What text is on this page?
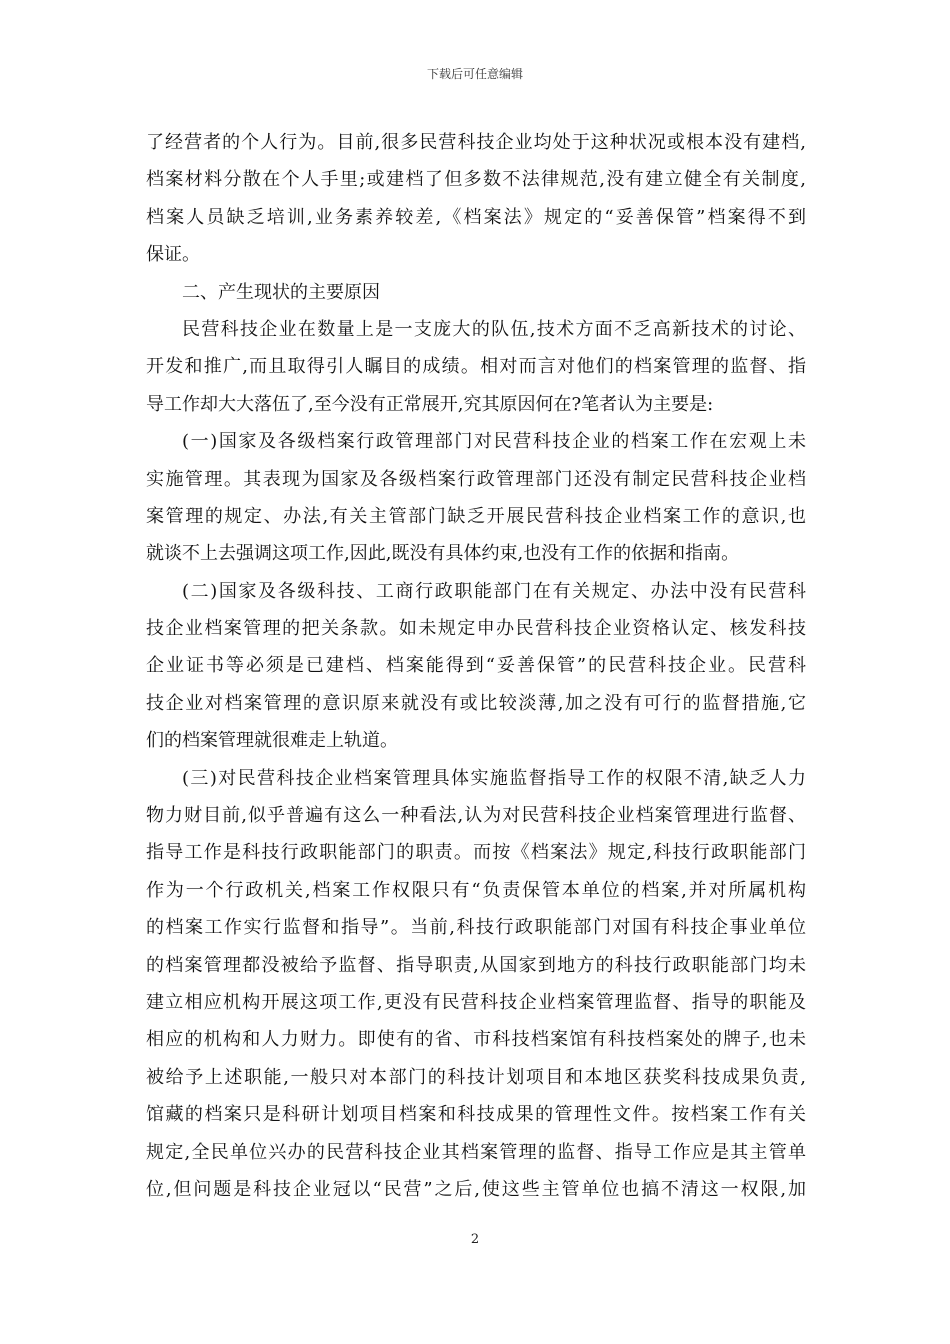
下载后可任意编辑
了经营者的个人行为。目前,很多民营科技企业均处于这种状况或根本没有建档,
档案材料分散在个人手里;或建档了但多数不法律规范,没有建立健全有关制度,
档案人员缺乏培训,业务素养较差,《档案法》规定的“妥善保管”档案得不到
保证。
二、产生现状的主要原因
民营科技企业在数量上是一支庞大的队伍,技术方面不乏高新技术的讨论、
开发和推广,而且取得引人瞩目的成绩。相对而言对他们的档案管理的监督、指
导工作却大大落伍了,至今没有正常展开,究其原因何在?笔者认为主要是:
(一)国家及各级档案行政管理部门对民营科技企业的档案工作在宏观上未
实施管理。其表现为国家及各级档案行政管理部门还没有制定民营科技企业档
案管理的规定、办法,有关主管部门缺乏开展民营科技企业档案工作的意识,也
就谈不上去强调这项工作,因此,既没有具体约束,也没有工作的依据和指南。
(二)国家及各级科技、工商行政职能部门在有关规定、办法中没有民营科
技企业档案管理的把关条款。如未规定申办民营科技企业资格认定、核发科技
企业证书等必须是已建档、档案能得到“妥善保管”的民营科技企业。民营科
技企业对档案管理的意识原来就没有或比较淡薄,加之没有可行的监督措施,它
们的档案管理就很难走上轨道。
(三)对民营科技企业档案管理具体实施监督指导工作的权限不清,缺乏人力
物力财目前,似乎普遍有这么一种看法,认为对民营科技企业档案管理进行监督、
指导工作是科技行政职能部门的职责。而按《档案法》规定,科技行政职能部门
作为一个行政机关,档案工作权限只有“负责保管本单位的档案,并对所属机构
的档案工作实行监督和指导”。当前,科技行政职能部门对国有科技企事业单位
的档案管理都没被给予监督、指导职责,从国家到地方的科技行政职能部门均未
建立相应机构开展这项工作,更没有民营科技企业档案管理监督、指导的职能及
相应的机构和人力财力。即使有的省、市科技档案馆有科技档案处的牌子,也未
被给予上述职能,一般只对本部门的科技计划项目和本地区获奖科技成果负责,
馆藏的档案只是科研计划项目档案和科技成果的管理性文件。按档案工作有关
规定,全民单位兴办的民营科技企业其档案管理的监督、指导工作应是其主管单
位,但问题是科技企业冠以“民营”之后,使这些主管单位也搞不清这一权限,加
2
